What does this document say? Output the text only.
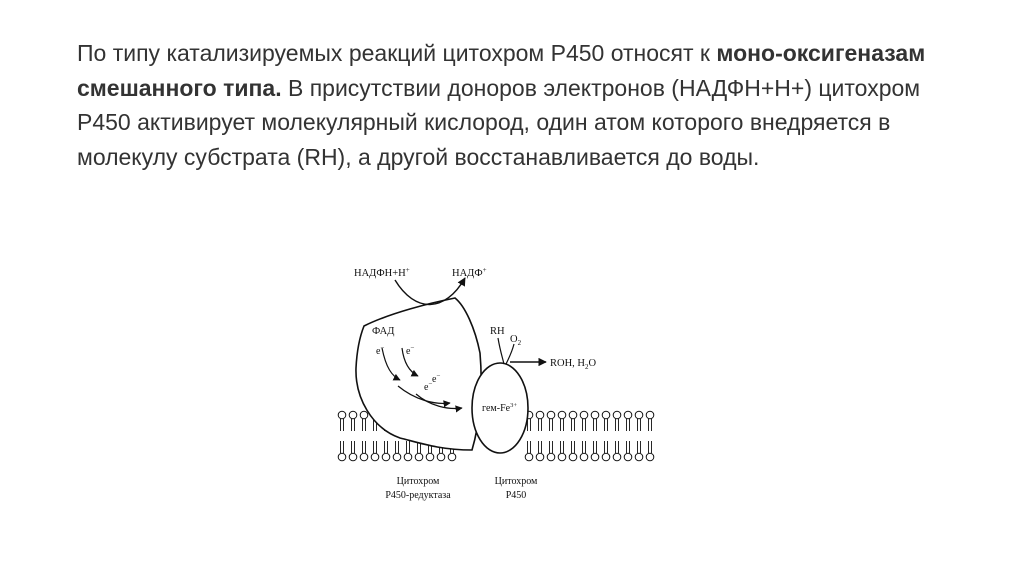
По типу катализируемых реакций цитохром Р450 относят к моно-оксигеназам смешанного типа. В присутствии доноров электронов (НАДФН+Н+) цитохром Р450 активирует молекулярный кислород, один атом которого внедряется в молекулу субстрата (RH), а другой восстанавливается до воды.

НАДФН+Н+	НАДФ+
ФАД
e− e−
e−
e−
RH
$O_2$
ROH, $H_2O$
гем-$Fe^{3+}$
Цитохром
Р450-редуктаза
Цитохром
Р450
